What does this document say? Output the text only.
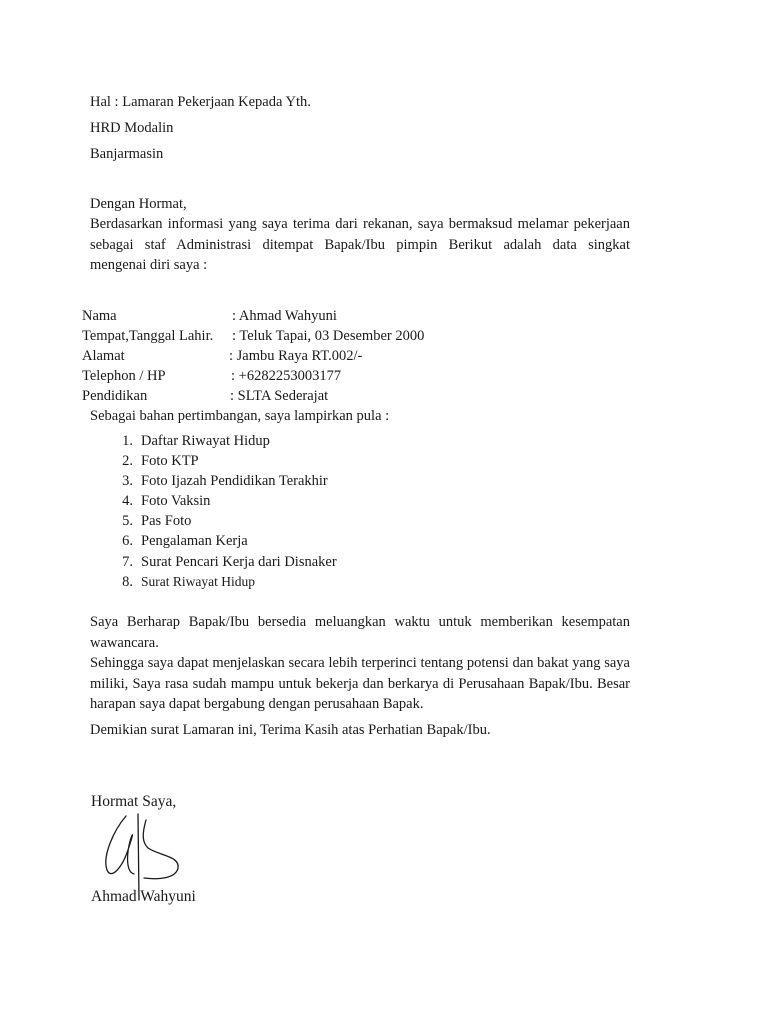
Hal : Lamaran Pekerjaan Kepada Yth.
HRD Modalin
Banjarmasin
Dengan Hormat,
Berdasarkan informasi yang saya terima dari rekanan, saya bermaksud melamar pekerjaan
sebagai staf Administrasi ditempat Bapak/Ibu pimpin Berikut adalah data singkat
mengenai diri saya :
Nama	: Ahmad Wahyuni
Tempat,Tanggal Lahir. : Teluk Tapai, 03 Desember 2000
Alamat	: Jambu Raya RT.002/-
Telephon / HP	: +6282253003177
Pendidikan	: SLTA Sederajat
Sebagai bahan pertimbangan, saya lampirkan pula :
1. Daftar Riwayat Hidup
2. Foto KTP
3. Foto Ijazah Pendidikan Terakhir
4. Foto Vaksin
5. Pas Foto
6. Pengalaman Kerja
7. Surat Pencari Kerja dari Disnaker
8. Surat Riwayat Hidup
Saya Berharap Bapak/Ibu bersedia meluangkan waktu untuk memberikan kesempatan wawancara.
Sehingga saya dapat menjelaskan secara lebih terperinci tentang potensi dan bakat yang saya
miliki, Saya rasa sudah mampu untuk bekerja dan berkarya di Perusahaan Bapak/Ibu. Besar
harapan saya dapat bergabung dengan perusahaan Bapak.
Demikian surat Lamaran ini, Terima Kasih atas Perhatian Bapak/Ibu.
Hormat Saya,
Ahmad Wahyuni
